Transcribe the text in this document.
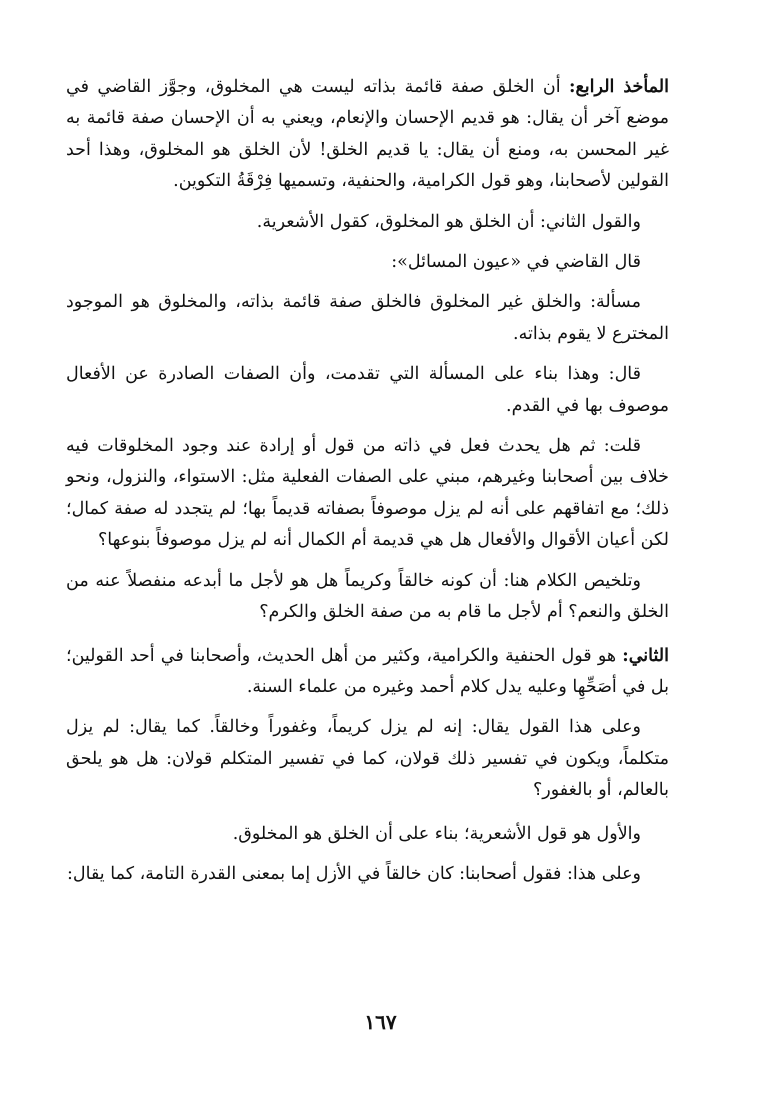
المأخذ الرابع: أن الخلق صفة قائمة بذاته ليست هي المخلوق، وجوَّز القاضي في موضع آخر أن يقال: هو قديم الإحسان والإنعام، ويعني به أن الإحسان صفة قائمة به غير المحسن به، ومنع أن يقال: يا قديم الخلق! لأن الخلق هو المخلوق، وهذا أحد القولين لأصحابنا، وهو قول الكرامية، والحنفية، وتسميها فِرْقَةُ التكوين.

والقول الثاني: أن الخلق هو المخلوق، كقول الأشعرية.

قال القاضي في «عيون المسائل»:

مسألة: والخلق غير المخلوق فالخلق صفة قائمة بذاته، والمخلوق هو الموجود المخترع لا يقوم بذاته.

قال: وهذا بناء على المسألة التي تقدمت، وأن الصفات الصادرة عن الأفعال موصوف بها في القدم.

قلت: ثم هل يحدث فعل في ذاته من قول أو إرادة عند وجود المخلوقات فيه خلاف بين أصحابنا وغيرهم، مبني على الصفات الفعلية مثل: الاستواء، والنزول، ونحو ذلك؛ مع اتفاقهم على أنه لم يزل موصوفاً بصفاته قديماً بها؛ لم يتجدد له صفة كمال؛ لكن أعيان الأقوال والأفعال هل هي قديمة أم الكمال أنه لم يزل موصوفاً بنوعها؟

وتلخيص الكلام هنا: أن كونه خالقاً وكريماً هل هو لأجل ما أبدعه منفصلاً عنه من الخلق والنعم؟ أم لأجل ما قام به من صفة الخلق والكرم؟

الثاني: هو قول الحنفية والكرامية، وكثير من أهل الحديث، وأصحابنا في أحد القولين؛ بل في أصَحِّهِا وعليه يدل كلام أحمد وغيره من علماء السنة.

وعلى هذا القول يقال: إنه لم يزل كريماً، وغفوراً وخالقاً. كما يقال: لم يزل متكلماً، ويكون في تفسير ذلك قولان، كما في تفسير المتكلم قولان: هل هو يلحق بالعالم، أو بالغفور؟

والأول هو قول الأشعرية؛ بناء على أن الخلق هو المخلوق.

وعلى هذا: فقول أصحابنا: كان خالقاً في الأزل إما بمعنى القدرة التامة، كما يقال:

١٦٧
